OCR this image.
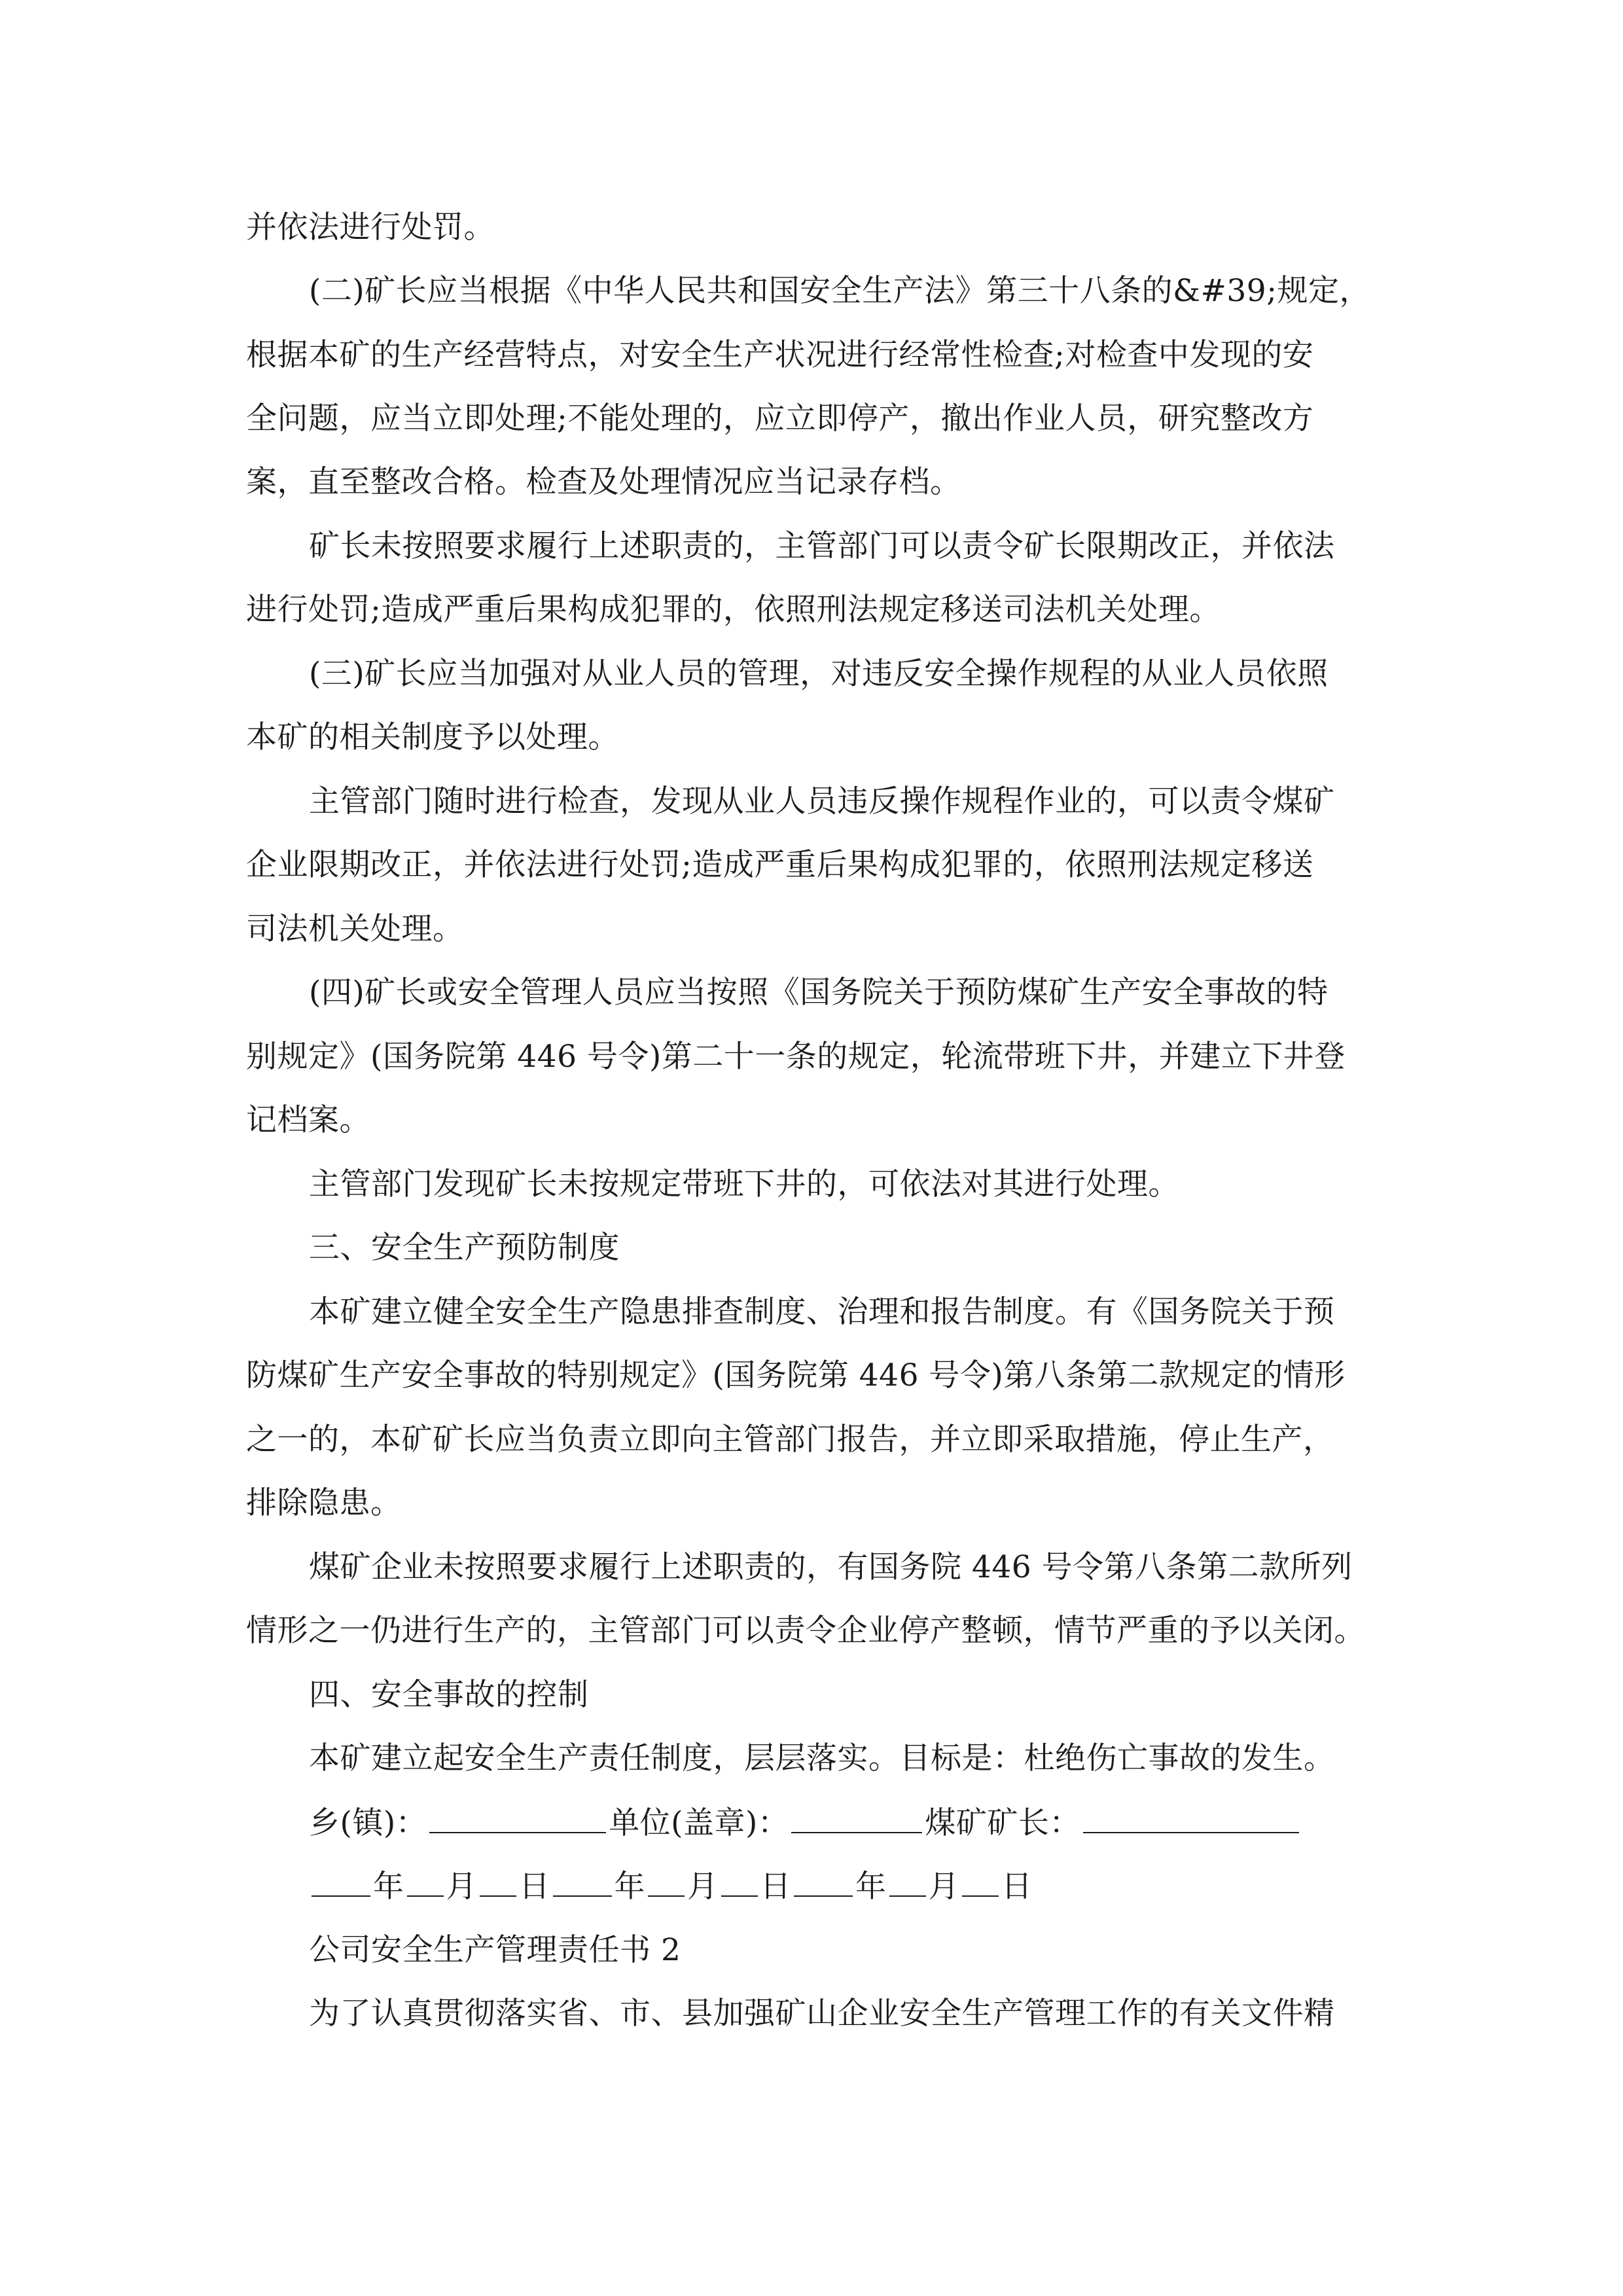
并依法进行处罚。
(二)矿长应当根据《中华人民共和国安全生产法》第三十八条的&#39;规定，
根据本矿的生产经营特点，对安全生产状况进行经常性检查;对检查中发现的安
全问题，应当立即处理;不能处理的，应立即停产，撤出作业人员，研究整改方
案，直至整改合格。检查及处理情况应当记录存档。
矿长未按照要求履行上述职责的，主管部门可以责令矿长限期改正，并依法
进行处罚;造成严重后果构成犯罪的，依照刑法规定移送司法机关处理。
(三)矿长应当加强对从业人员的管理，对违反安全操作规程的从业人员依照
本矿的相关制度予以处理。
主管部门随时进行检查，发现从业人员违反操作规程作业的，可以责令煤矿
企业限期改正，并依法进行处罚;造成严重后果构成犯罪的，依照刑法规定移送
司法机关处理。
(四)矿长或安全管理人员应当按照《国务院关于预防煤矿生产安全事故的特
别规定》(国务院第 446 号令)第二十一条的规定，轮流带班下井，并建立下井登
记档案。
主管部门发现矿长未按规定带班下井的，可依法对其进行处理。
三、安全生产预防制度
本矿建立健全安全生产隐患排查制度、治理和报告制度。有《国务院关于预
防煤矿生产安全事故的特别规定》(国务院第 446 号令)第八条第二款规定的情形
之一的，本矿矿长应当负责立即向主管部门报告，并立即采取措施，停止生产，
排除隐患。
煤矿企业未按照要求履行上述职责的，有国务院 446 号令第八条第二款所列
情形之一仍进行生产的，主管部门可以责令企业停产整顿，情节严重的予以关闭。
四、安全事故的控制
本矿建立起安全生产责任制度，层层落实。目标是：杜绝伤亡事故的发生。
乡(镇)：	单位(盖章)：	煤矿矿长：
年 月 日 年 月 日 年 月 日
公司安全生产管理责任书 2
为了认真贯彻落实省、市、县加强矿山企业安全生产管理工作的有关文件精
